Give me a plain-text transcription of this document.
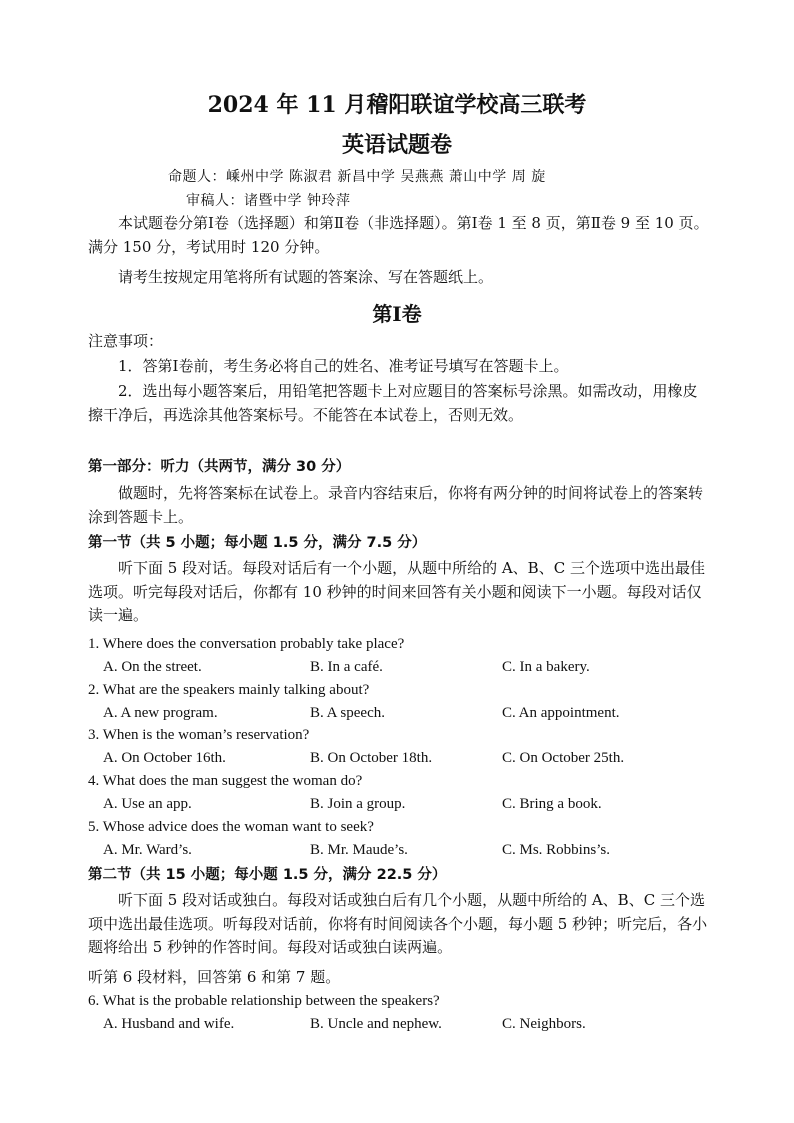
2024 年 11 月稽阳联谊学校高三联考
英语试题卷
命题人：嵊州中学 陈淑君 新昌中学 吴燕燕 萧山中学 周 旋
审稿人：诸暨中学 钟玲萍

本试题卷分第Ⅰ卷（选择题）和第Ⅱ卷（非选择题）。第Ⅰ卷 1 至 8 页，第Ⅱ卷 9 至 10 页。满分 150 分，考试用时 120 分钟。

请考生按规定用笔将所有试题的答案涂、写在答题纸上。

第Ⅰ卷

注意事项：

1．答第Ⅰ卷前，考生务必将自己的姓名、准考证号填写在答题卡上。

2．选出每小题答案后，用铅笔把答题卡上对应题目的答案标号涂黑。如需改动，用橡皮擦干净后，再选涂其他答案标号。不能答在本试卷上，否则无效。

第一部分：听力（共两节，满分 30 分）

做题时，先将答案标在试卷上。录音内容结束后，你将有两分钟的时间将试卷上的答案转涂到答题卡上。

第一节（共 5 小题；每小题 1.5 分，满分 7.5 分）

听下面 5 段对话。每段对话后有一个小题，从题中所给的 A、B、C 三个选项中选出最佳选项。听完每段对话后，你都有 10 秒钟的时间来回答有关小题和阅读下一小题。每段对话仅读一遍。

1. Where does the conversation probably take place?
A. On the street.	B. In a café.	C. In a bakery.
2. What are the speakers mainly talking about?
A. A new program.	B. A speech.	C. An appointment.
3. When is the woman’s reservation?
A. On October 16th.	B. On October 18th.	C. On October 25th.
4. What does the man suggest the woman do?
A. Use an app.	B. Join a group.	C. Bring a book.
5. Whose advice does the woman want to seek?
A. Mr. Ward’s.	B. Mr. Maude’s.	C. Ms. Robbins’s.

第二节（共 15 小题；每小题 1.5 分，满分 22.5 分）

听下面 5 段对话或独白。每段对话或独白后有几个小题，从题中所给的 A、B、C 三个选项中选出最佳选项。听每段对话前，你将有时间阅读各个小题，每小题 5 秒钟；听完后，各小题将给出 5 秒钟的作答时间。每段对话或独白读两遍。

听第 6 段材料，回答第 6 和第 7 题。

6. What is the probable relationship between the speakers?
A. Husband and wife.	B. Uncle and nephew.	C. Neighbors.
